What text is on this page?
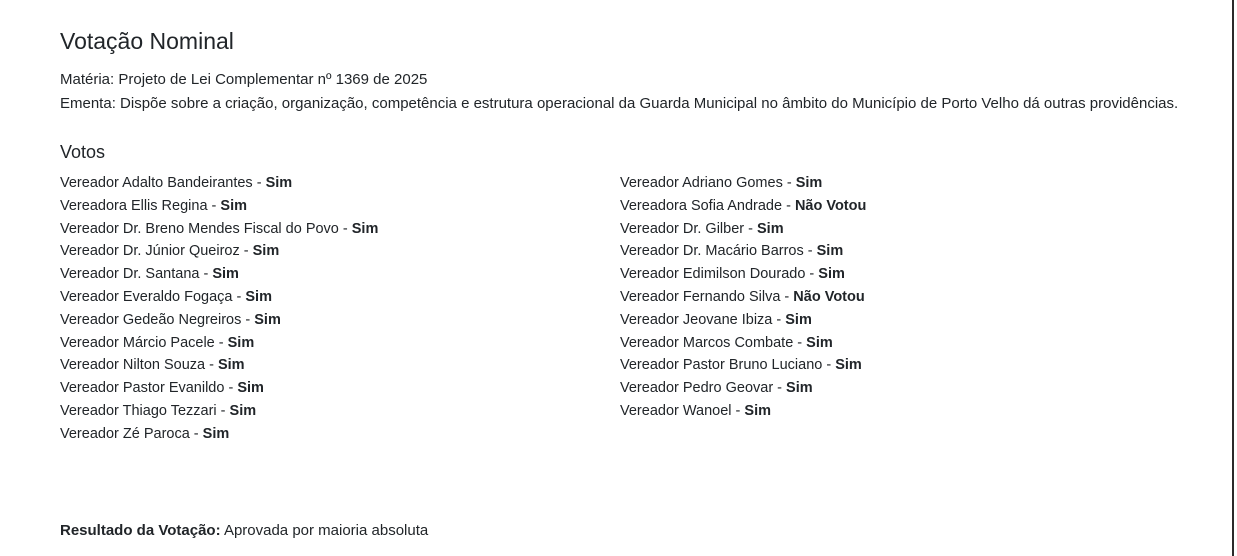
Votação Nominal

Matéria: Projeto de Lei Complementar nº 1369 de 2025

Ementa: Dispõe sobre a criação, organização, competência e estrutura operacional da Guarda Municipal no âmbito do Município de Porto Velho dá outras providências.

Votos
Vereador Adalto Bandeirantes - Sim
Vereadora Ellis Regina - Sim
Vereador Dr. Breno Mendes Fiscal do Povo - Sim
Vereador Dr. Júnior Queiroz - Sim
Vereador Dr. Santana - Sim
Vereador Everaldo Fogaça - Sim
Vereador Gedeão Negreiros - Sim
Vereador Márcio Pacele - Sim
Vereador Nilton Souza - Sim
Vereador Pastor Evanildo - Sim
Vereador Thiago Tezzari - Sim
Vereador Zé Paroca - Sim
Vereador Adriano Gomes - Sim
Vereadora Sofia Andrade - Não Votou
Vereador Dr. Gilber - Sim
Vereador Dr. Macário Barros - Sim
Vereador Edimilson Dourado - Sim
Vereador Fernando Silva - Não Votou
Vereador Jeovane Ibiza - Sim
Vereador Marcos Combate - Sim
Vereador Pastor Bruno Luciano - Sim
Vereador Pedro Geovar - Sim
Vereador Wanoel - Sim
Resultado da Votação: Aprovada por maioria absoluta
